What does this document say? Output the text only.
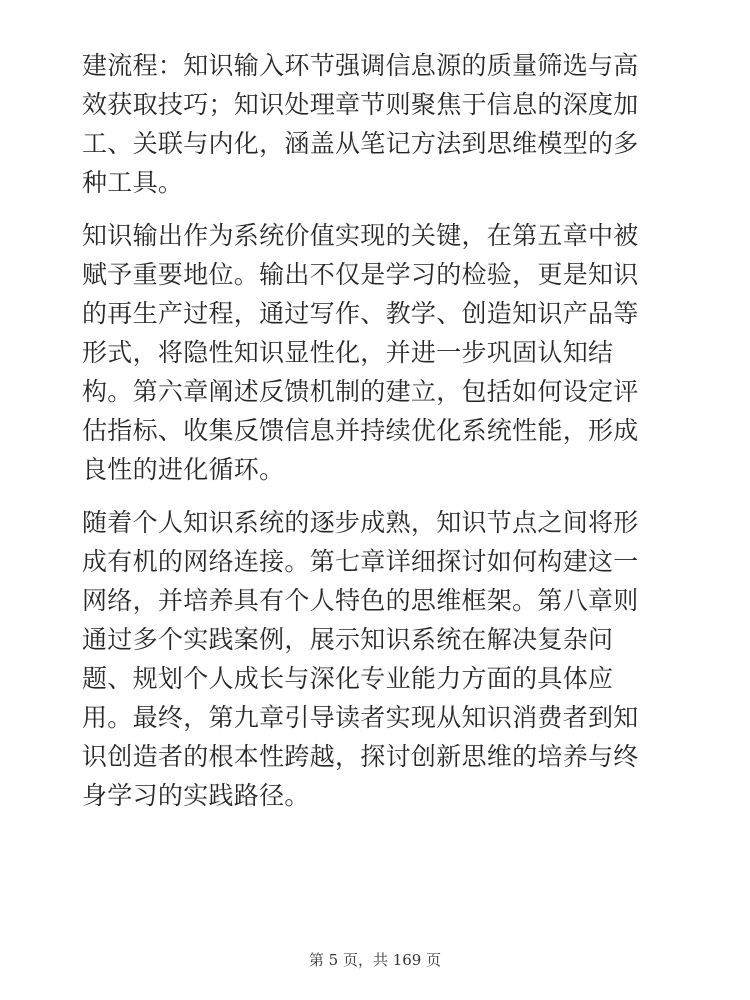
建流程：知识输入环节强调信息源的质量筛选与高
效获取技巧；知识处理章节则聚焦于信息的深度加
工、关联与内化，涵盖从笔记方法到思维模型的多
种工具。

知识输出作为系统价值实现的关键，在第五章中被
赋予重要地位。输出不仅是学习的检验，更是知识
的再生产过程，通过写作、教学、创造知识产品等
形式，将隐性知识显性化，并进一步巩固认知结
构。第六章阐述反馈机制的建立，包括如何设定评
估指标、收集反馈信息并持续优化系统性能，形成
良性的进化循环。

随着个人知识系统的逐步成熟，知识节点之间将形
成有机的网络连接。第七章详细探讨如何构建这一
网络，并培养具有个人特色的思维框架。第八章则
通过多个实践案例，展示知识系统在解决复杂问
题、规划个人成长与深化专业能力方面的具体应
用。最终，第九章引导读者实现从知识消费者到知
识创造者的根本性跨越，探讨创新思维的培养与终
身学习的实践路径。

第 5 页，共 169 页
